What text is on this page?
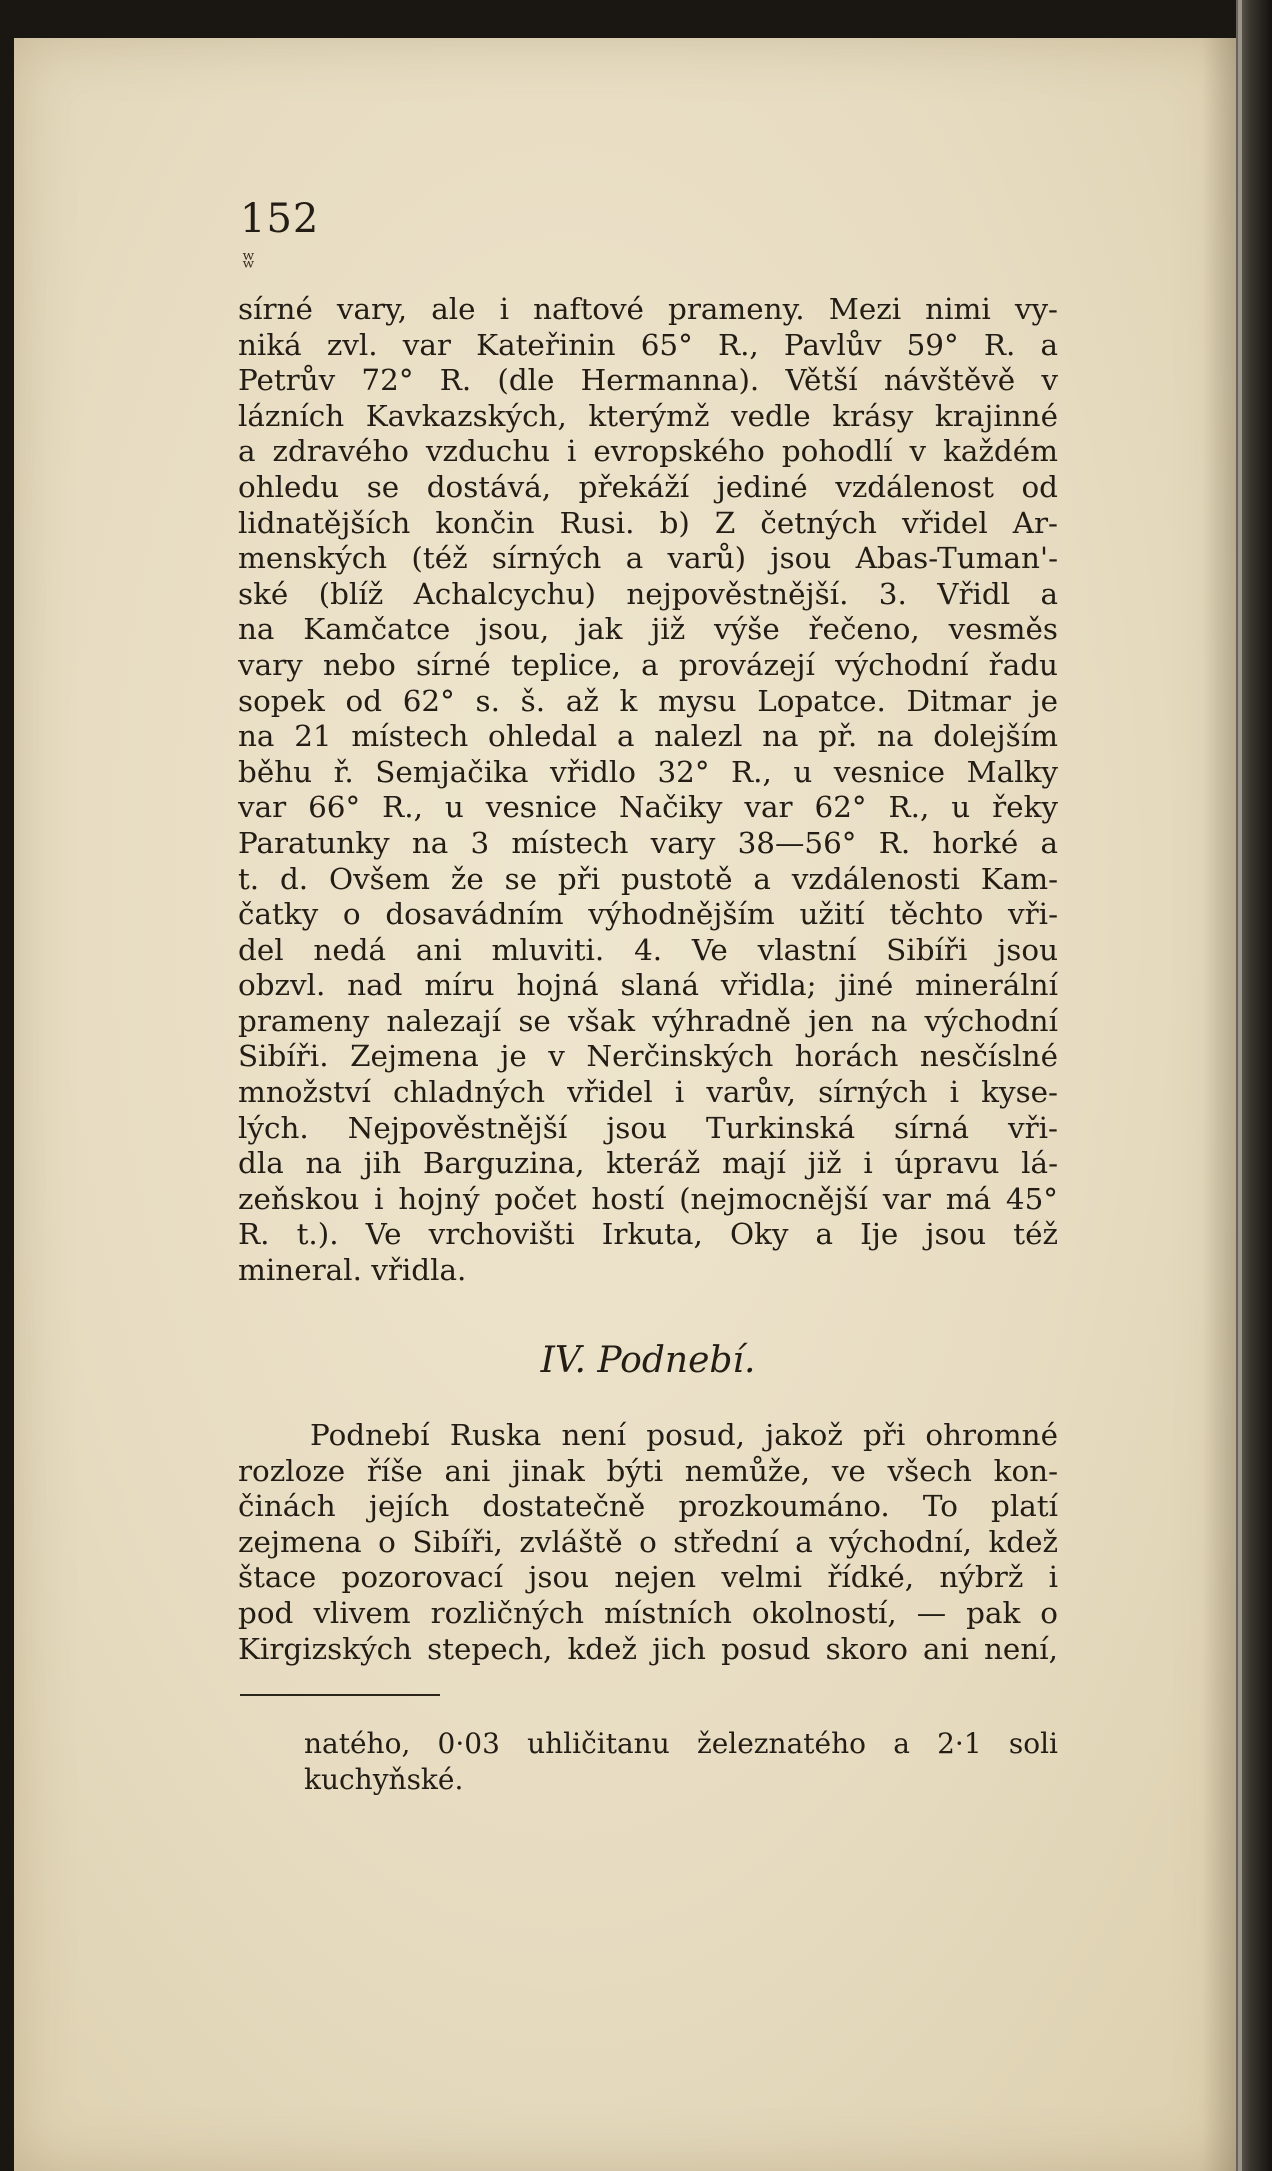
152
ʬ
sírné vary, ale i naftové prameny. Mezi nimi vy-
niká zvl. var Kateřinin 65° R., Pavlův 59° R. a
Petrův 72° R. (dle Hermanna). Větší návštěvě v
lázních Kavkazských, kterýmž vedle krásy krajinné
a zdravého vzduchu i evropského pohodlí v každém
ohledu se dostává, překáží jediné vzdálenost od
lidnatějších končin Rusi. b) Z četných vřidel Ar-
menských (též sírných a varů) jsou Abas-Tuman'-
ské (blíž Achalcychu) nejpověstnější. 3. Vřidl a
na Kamčatce jsou, jak již výše řečeno, vesměs
vary nebo sírné teplice, a provázejí východní řadu
sopek od 62° s. š. až k mysu Lopatce. Ditmar je
na 21 místech ohledal a nalezl na př. na dolejším
běhu ř. Semjačika vřidlo 32° R., u vesnice Malky
var 66° R., u vesnice Načiky var 62° R., u řeky
Paratunky na 3 místech vary 38—56° R. horké a
t. d. Ovšem že se při pustotě a vzdálenosti Kam-
čatky o dosavádním výhodnějším užití těchto vři-
del nedá ani mluviti. 4. Ve vlastní Sibíři jsou
obzvl. nad míru hojná slaná vřidla; jiné minerální
prameny nalezají se však výhradně jen na východní
Sibíři. Zejmena je v Nerčinských horách nesčíslné
množství chladných vřidel i varův, sírných i kyse-
lých. Nejpověstnější jsou Turkinská sírná vři-
dla na jih Barguzina, kteráž mají již i úpravu lá-
zeňskou i hojný počet hostí (nejmocnější var má 45°
R. t.). Ve vrchovišti Irkuta, Oky a Ije jsou též
mineral. vřidla.
IV. Podnebí.
Podnebí Ruska není posud, jakož při ohromné
rozloze říše ani jinak býti nemůže, ve všech kon-
činách jejích dostatečně prozkoumáno. To platí
zejmena o Sibíři, zvláště o střední a východní, kdež
štace pozorovací jsou nejen velmi řídké, nýbrž i
pod vlivem rozličných místních okolností, — pak o
Kirgizských stepech, kdež jich posud skoro ani není,
natého, 0·03 uhličitanu železnatého a 2·1 soli
kuchyňské.
